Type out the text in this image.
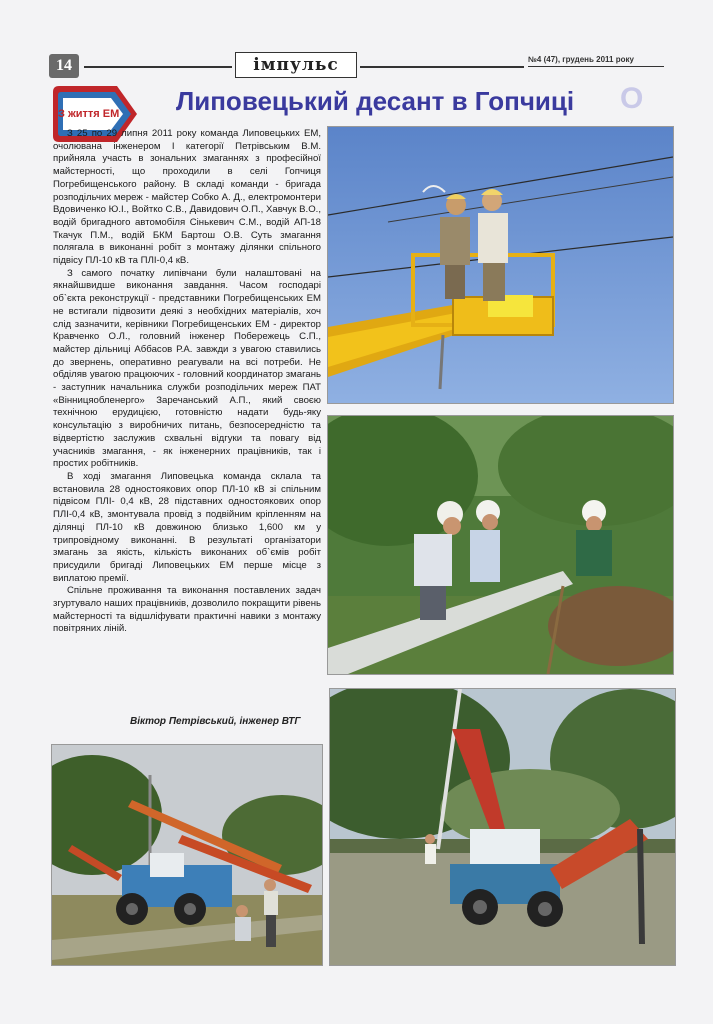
14	імпульс	№4 (47), грудень 2011 року
З життя ЕМ Липовецький десант в Гопчиці О

З 25 по 29 липня 2011 року команда Липовецьких ЕМ, очолювана інженером І категорії Петрівським В.М. прийняла участь в зональних змаганнях з професійної майстерності, що проходили в селі Гопчиця Погребищенського району. В складі команди - бригада розподільчих мереж - майстер Собко А. Д., електромонтери Вдовиченко Ю.І., Войтко С.В., Давидович О.П., Хавчук В.О., водій бригадного автомобіля Сінькевич С.М., водій АП-18 Ткачук П.М., водій БКМ Бартош О.В. Суть змагання полягала в виконанні робіт з монтажу ділянки спільного підвісу ПЛ-10 кВ та ПЛІ-0,4 кВ.

З самого початку липівчани були налаштовані на якнайшвидше виконання завдання. Часом господарі об`єкта реконструкції - представники Погребищенських ЕМ не встигали підвозити деякі з необхідних матеріалів, хоч слід зазначити, керівники Погребищенських ЕМ - директор Кравченко О.Л., головний інженер Побережець С.П., майстер дільниці Аббасов Р.А. завжди з увагою ставились до звернень, оперативно реагували на всі потреби. Не обділяв увагою працюючих - головний координатор змагань - заступник начальника служби розподільчих мереж ПАТ «Вінницяобленерго» Заречанський А.П., який своєю технічною ерудицією, готовністю надати будь-яку консультацію з виробничих питань, безпосередністю та відвертістю заслужив схвальні відгуки та повагу від учасників змагання, - як інженерних працівників, так і простих робітників.

В ході змагання Липовецька команда склала та встановила 28 одностоякових опор ПЛ-10 кВ зі спільним підвісом ПЛІ- 0,4 кВ, 28 підставних одностоякових опор ПЛІ-0,4 кВ, змонтувала провід з подвійним кріпленням на ділянці ПЛ-10 кВ довжиною близько 1,600 км у трипровідному виконанні. В результаті організатори змагань за якість, кількість виконаних об`ємів робіт присудили бригаді Липовецьких ЕМ перше місце з виплатою премії.

Спільне проживання та виконання поставлених задач згуртувало наших працівників, дозволило покращити рівень майстерності та відшліфувати практичні навики з монтажу повітряних ліній.

Віктор Петрівський, інженер ВТГ
